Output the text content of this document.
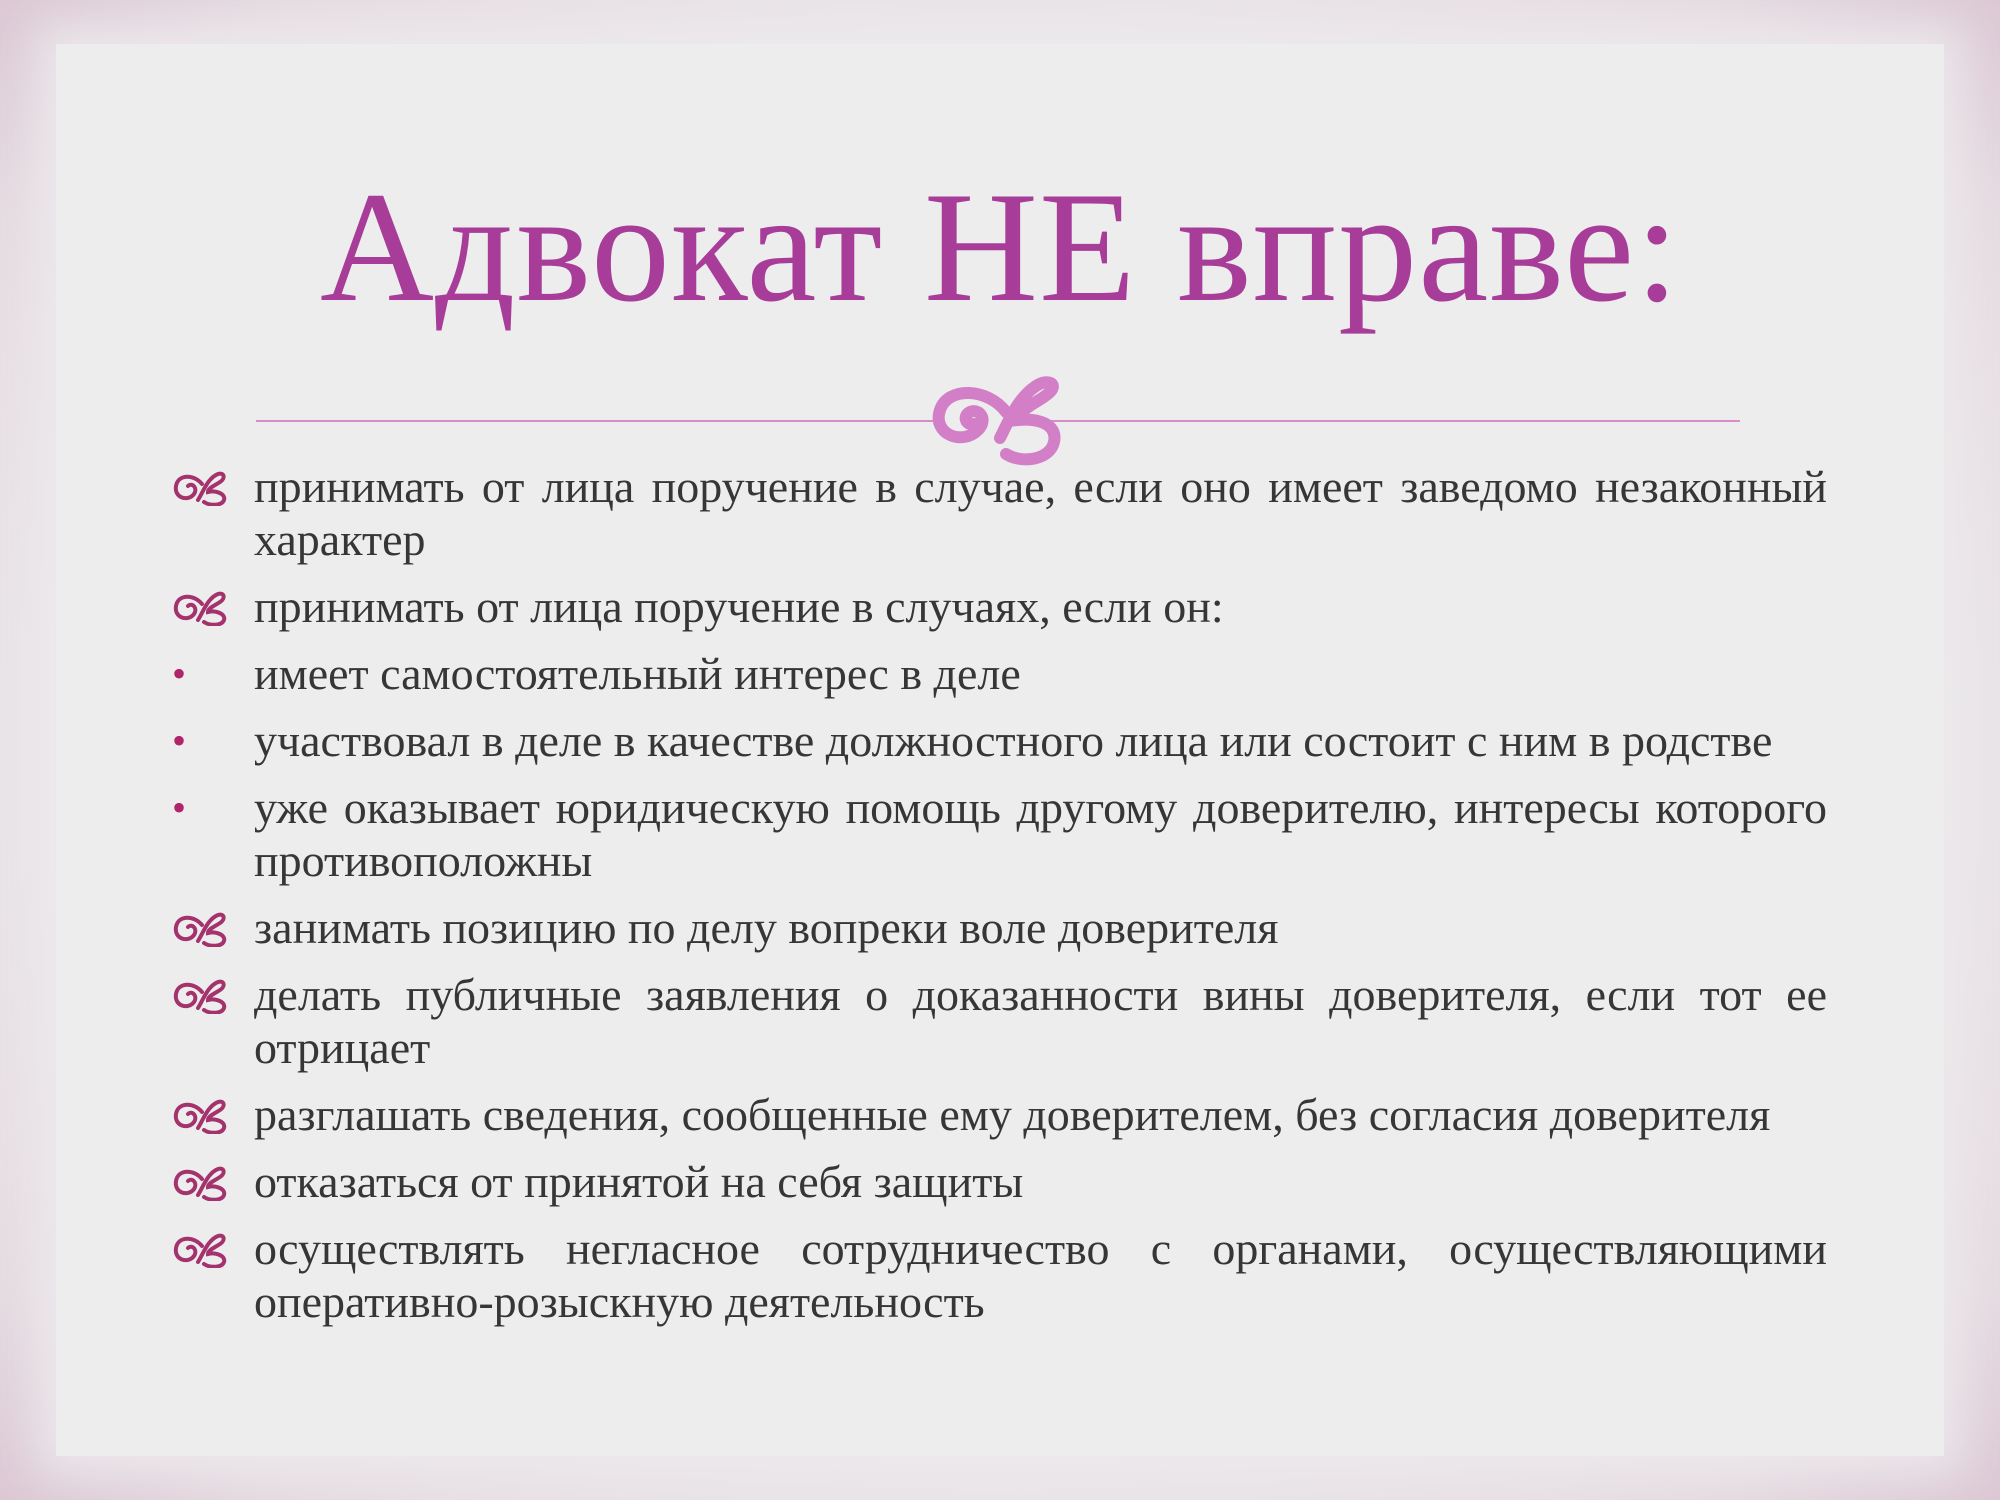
Адвокат НЕ вправе:
принимать от лица поручение в случае, если оно имеет заведомо незаконный характер
принимать от лица поручение в случаях, если он:
•	имеет самостоятельный интерес в деле
•	участвовал в деле в качестве должностного лица или состоит с ним в родстве
•	уже оказывает юридическую помощь другому доверителю, интересы которого противоположны
занимать позицию по делу вопреки воле доверителя
делать публичные заявления о доказанности вины доверителя, если тот ее отрицает
разглашать сведения, сообщенные ему доверителем, без согласия доверителя
отказаться от принятой на себя защиты
осуществлять негласное сотрудничество с органами, осуществляющими оперативно-розыскную деятельность
